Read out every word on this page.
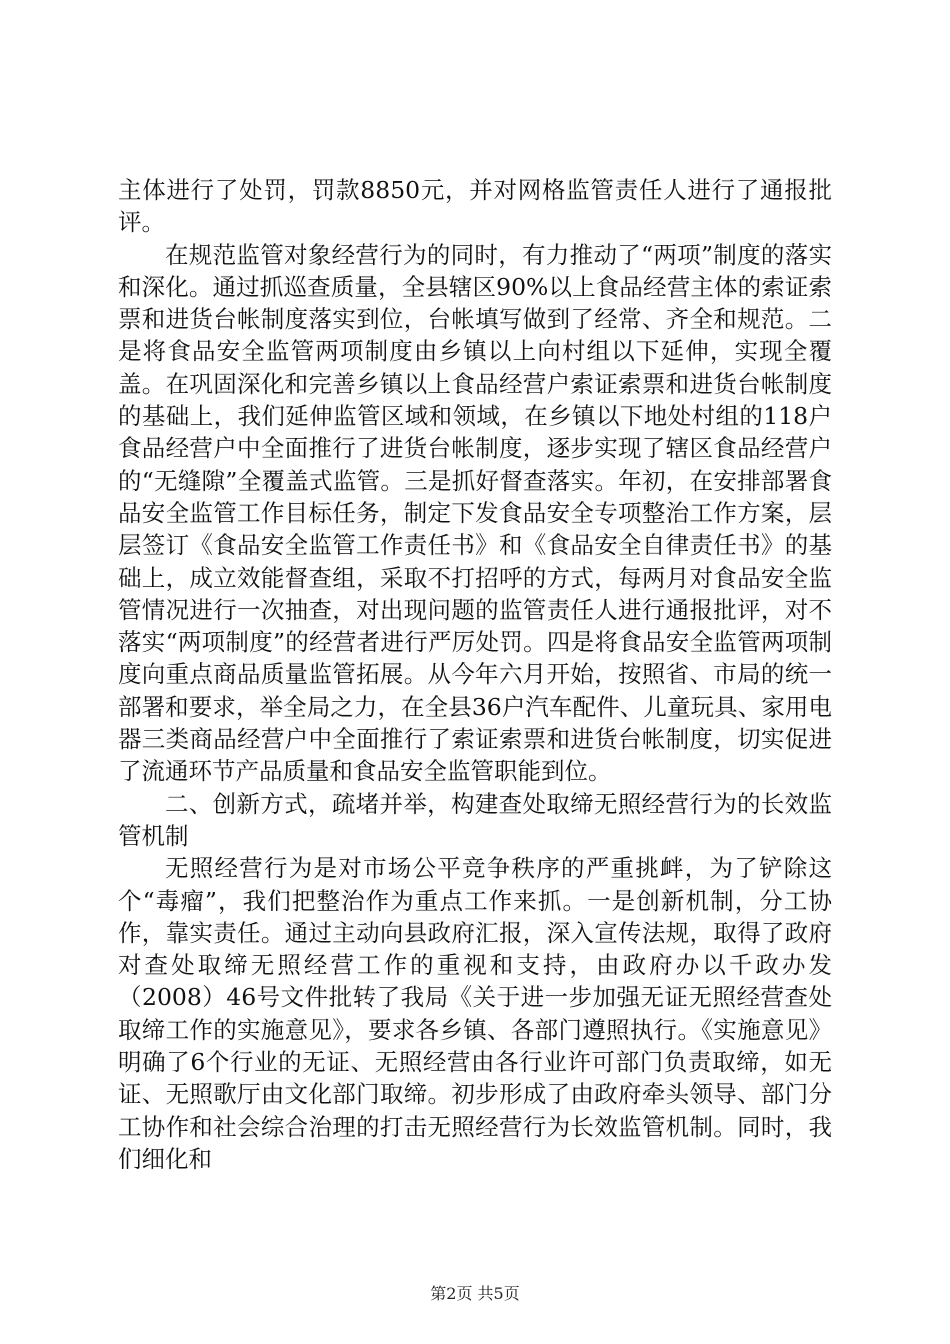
主体进行了处罚，罚款8850元，并对网格监管责任人进行了通报批评。

在规范监管对象经营行为的同时，有力推动了“两项”制度的落实和深化。通过抓巡查质量，全县辖区90%以上食品经营主体的索证索票和进货台帐制度落实到位，台帐填写做到了经常、齐全和规范。二是将食品安全监管两项制度由乡镇以上向村组以下延伸，实现全覆盖。在巩固深化和完善乡镇以上食品经营户索证索票和进货台帐制度的基础上，我们延伸监管区域和领域，在乡镇以下地处村组的118户食品经营户中全面推行了进货台帐制度，逐步实现了辖区食品经营户的“无缝隙”全覆盖式监管。三是抓好督查落实。年初，在安排部署食品安全监管工作目标任务，制定下发食品安全专项整治工作方案，层层签订《食品安全监管工作责任书》和《食品安全自律责任书》的基础上，成立效能督查组，采取不打招呼的方式，每两月对食品安全监管情况进行一次抽查，对出现问题的监管责任人进行通报批评，对不落实“两项制度”的经营者进行严厉处罚。四是将食品安全监管两项制度向重点商品质量监管拓展。从今年六月开始，按照省、市局的统一部署和要求，举全局之力，在全县36户汽车配件、儿童玩具、家用电器三类商品经营户中全面推行了索证索票和进货台帐制度，切实促进了流通环节产品质量和食品安全监管职能到位。

二、创新方式，疏堵并举，构建查处取缔无照经营行为的长效监管机制

无照经营行为是对市场公平竞争秩序的严重挑衅，为了铲除这个“毒瘤”，我们把整治作为重点工作来抓。一是创新机制，分工协作，靠实责任。通过主动向县政府汇报，深入宣传法规，取得了政府对查处取缔无照经营工作的重视和支持，由政府办以千政办发（2008）46号文件批转了我局《关于进一步加强无证无照经营查处取缔工作的实施意见》，要求各乡镇、各部门遵照执行。《实施意见》明确了6个行业的无证、无照经营由各行业许可部门负责取缔，如无证、无照歌厅由文化部门取缔。初步形成了由政府牵头领导、部门分工协作和社会综合治理的打击无照经营行为长效监管机制。同时，我们细化和

第2页 共5页
